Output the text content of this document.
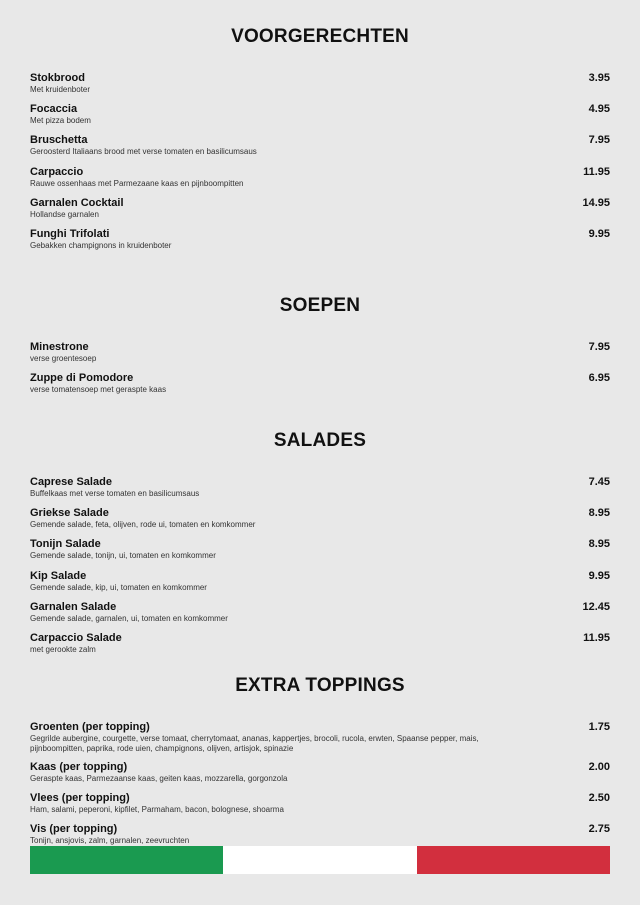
VOORGERECHTEN
Stokbrood
Met kruidenboter
3.95
Focaccia
Met pizza bodem
4.95
Bruschetta
Geroosterd Italiaans brood met verse tomaten en basilicumsaus
7.95
Carpaccio
Rauwe ossenhaas met Parmezaane kaas en pijnboompitten
11.95
Garnalen Cocktail
Hollandse garnalen
14.95
Funghi Trifolati
Gebakken champignons in kruidenboter
9.95
SOEPEN
Minestrone
verse groentesoep
7.95
Zuppe di Pomodore
verse tomatensoep met geraspte kaas
6.95
SALADES
Caprese Salade
Buffelkaas met verse tomaten en basilicumsaus
7.45
Griekse Salade
Gemende salade, feta, olijven, rode ui, tomaten en komkommer
8.95
Tonijn Salade
Gemende salade, tonijn, ui, tomaten en komkommer
8.95
Kip Salade
Gemende salade, kip, ui, tomaten en komkommer
9.95
Garnalen Salade
Gemende salade, garnalen, ui, tomaten en komkommer
12.45
Carpaccio Salade
met gerookte zalm
11.95
EXTRA TOPPINGS
Groenten (per topping)
Gegrilde aubergine, courgette, verse tomaat, cherrytomaat, ananas, kappertjes, brocoli, rucola, erwten, Spaanse pepper, mais, pijnboompitten, paprika, rode uien, champignons, olijven, artisjok, spinazie
1.75
Kaas (per topping)
Geraspte kaas, Parmezaanse kaas, geiten kaas, mozzarella, gorgonzola
2.00
Vlees (per topping)
Ham, salami, peperoni, kipfilet, Parmaham, bacon, bolognese, shoarma
2.50
Vis (per topping)
Tonijn, ansjovis, zalm, garnalen, zeevruchten
2.75
